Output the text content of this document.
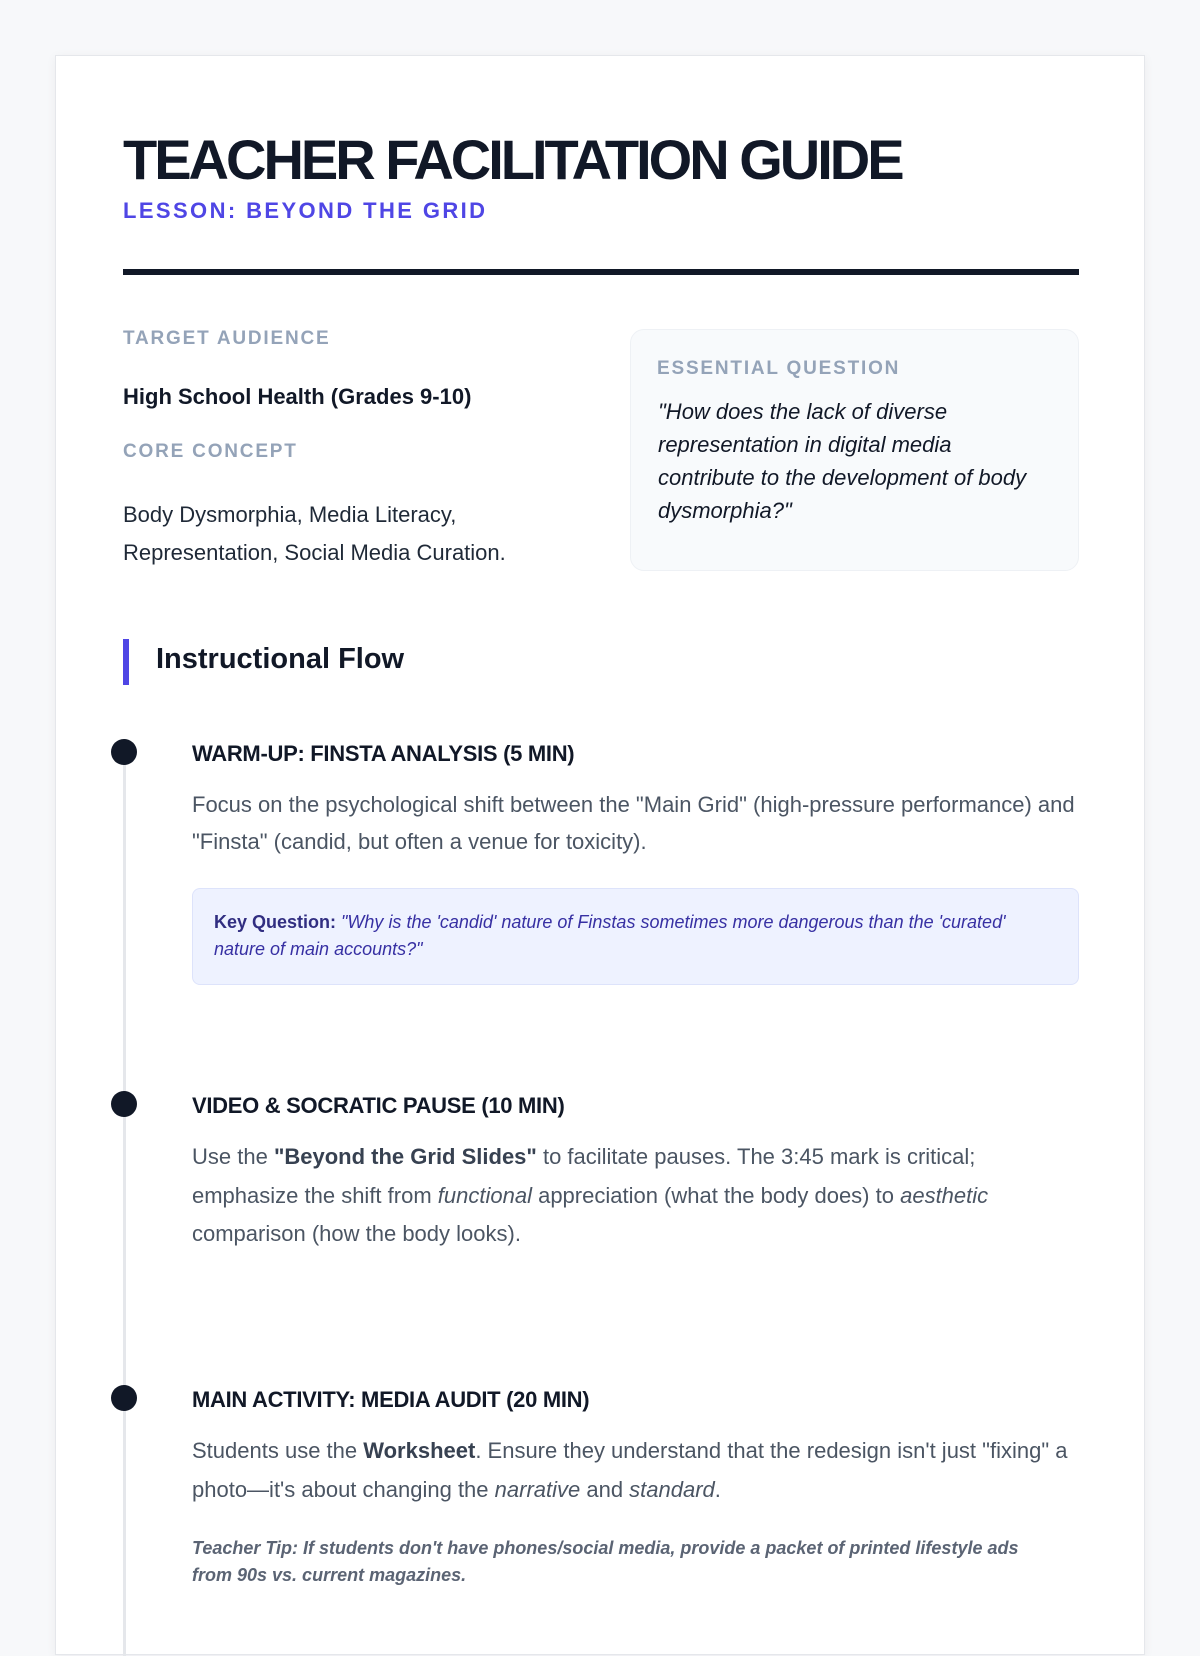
TEACHER FACILITATION GUIDE
LESSON: BEYOND THE GRID
TARGET AUDIENCE
High School Health (Grades 9-10)
CORE CONCEPT
Body Dysmorphia, Media Literacy, Representation, Social Media Curation.
ESSENTIAL QUESTION

"How does the lack of diverse representation in digital media contribute to the development of body dysmorphia?"

Instructional Flow
WARM-UP: FINSTA ANALYSIS (5 MIN)

Focus on the psychological shift between the "Main Grid" (high-pressure performance) and "Finsta" (candid, but often a venue for toxicity).

Key Question: "Why is the 'candid' nature of Finstas sometimes more dangerous than the 'curated' nature of main accounts?"
VIDEO & SOCRATIC PAUSE (10 MIN)

Use the "Beyond the Grid Slides" to facilitate pauses. The 3:45 mark is critical; emphasize the shift from functional appreciation (what the body does) to aesthetic comparison (how the body looks).

MAIN ACTIVITY: MEDIA AUDIT (20 MIN)

Students use the Worksheet. Ensure they understand that the redesign isn't just "fixing" a photo—it's about changing the narrative and standard.

Teacher Tip: If students don't have phones/social media, provide a packet of printed lifestyle ads from 90s vs. current magazines.
